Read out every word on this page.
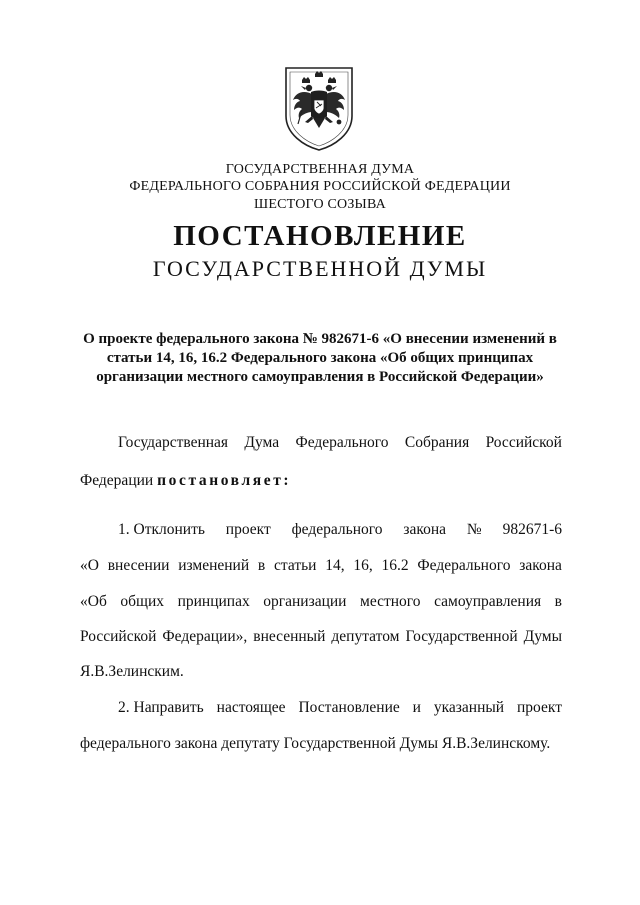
ГОСУДАРСТВЕННАЯ ДУМА
ФЕДЕРАЛЬНОГО СОБРАНИЯ РОССИЙСКОЙ ФЕДЕРАЦИИ
ШЕСТОГО СОЗЫВА
ПОСТАНОВЛЕНИЕ
ГОСУДАРСТВЕННОЙ ДУМЫ
О проекте федерального закона № 982671-6 «О внесении изменений в
статьи 14, 16, 16.2 Федерального закона «Об общих принципах
организации местного самоуправления в Российской Федерации»
Государственная Дума Федерального Собрания Российской
Федерации постановляет:
1. Отклонить проект федерального закона № 982671-6
«О внесении изменений в статьи 14, 16, 16.2 Федерального закона
«Об общих принципах организации местного самоуправления в
Российской Федерации», внесенный депутатом Государственной Думы
Я.В.Зелинским.
2. Направить настоящее Постановление и указанный проект
федерального закона депутату Государственной Думы Я.В.Зелинскому.
